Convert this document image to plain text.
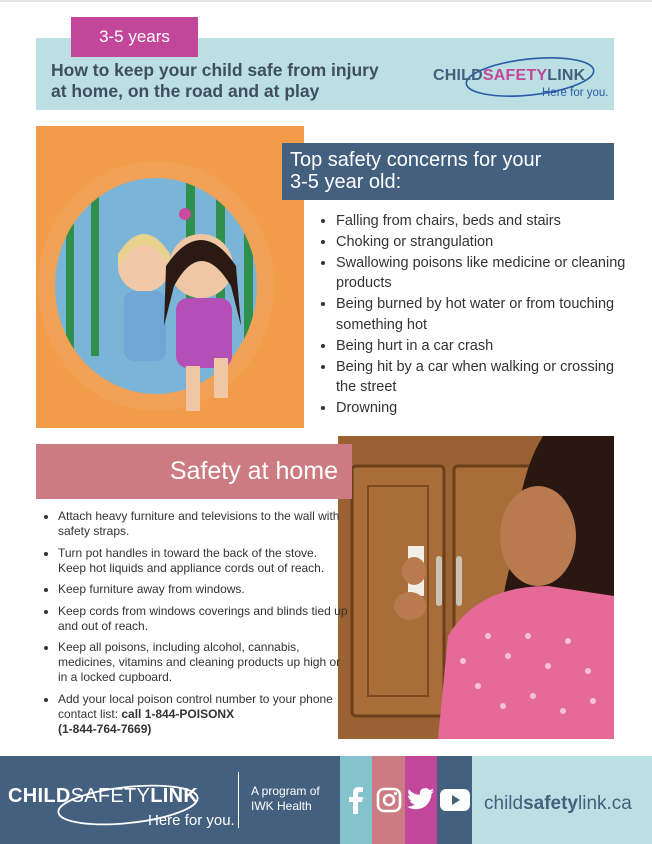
3-5 years
How to keep your child safe from injury
at home, on the road and at play
CHILDSAFETYLINK
Here for you.
Top safety concerns for your
3-5 year old:
• Falling from chairs, beds and stairs
• Choking or strangulation
• Swallowing poisons like medicine or cleaning products
• Being burned by hot water or from touching something hot
• Being hurt in a car crash
• Being hit by a car when walking or crossing the street
• Drowning
Safety at home
• Attach heavy furniture and televisions to the wall with safety straps.
• Turn pot handles in toward the back of the stove. Keep hot liquids and appliance cords out of reach.
• Keep furniture away from windows.
• Keep cords from windows coverings and blinds tied up and out of reach.
• Keep all poisons, including alcohol, cannabis, medicines, vitamins and cleaning products up high or in a locked cupboard.
• Add your local poison control number to your phone contact list: call 1-844-POISONX
(1-844-764-7669)
CHILDSAFETYLINK
Here for you.
A program of
IWK Health	childsafetylink.ca
